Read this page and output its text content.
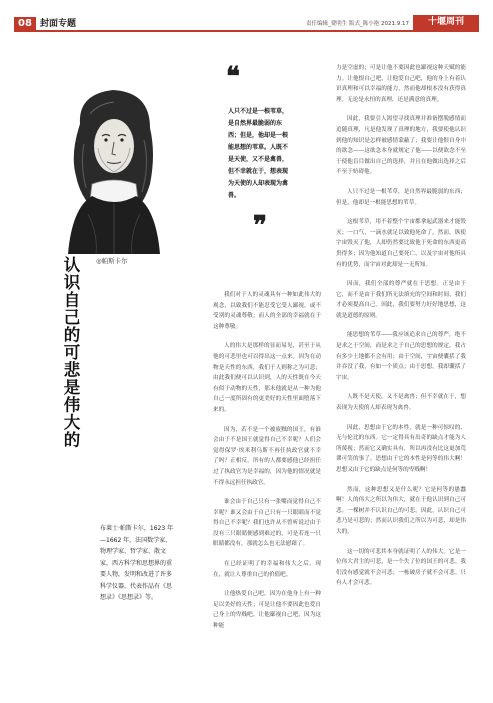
08 封面专题	责任编辑_费明生 版式_陈小艳 2021.9.17	十堰周刊
◎帕斯卡尔
认识自己的可悲是伟大的
布莱士·帕斯卡尔，1623 年—1662 年，法国数学家、物理学家、哲学家、散文家，西方科学和思想界的重要人物，发明和改进了许多科学仪器，代表作品有《思想录》《思想录》等。
❝
人只不过是一根苇草，是自然界最脆弱的东西；但是，他却是一根能思想的苇草。人既不是天使，又不是禽兽，但不幸就在于，想表现为天使的人却表现为禽兽。
❞

我们对于人的灵魂具有一种如此伟大的观念，以致我们不能忍受它受人鄙视，或不受别的灵魂尊敬；而人的全部的幸福就在于这种尊敬。

人的伟大是那样的显而易见，甚至于从他的可悲里也可以得出这一点来。因为在动物是天性的东西，我们于人则称之为可悲；由此我们便可以认识到，人的天性既在今天有似于动物的天性，那末他就是从一种为他自己一度所固有的更美好的天性里面堕落下来的。

因为，若不是一个被废黜的国王，有谁会由于不是国王就觉得自己不幸呢？人们会觉得保罗·埃米利乌斯不再任执政官就不幸了吗？正相反，所有的人都要感他已经担任过了执政官为是幸福的，因为他的情况就是不得永远担任执政官。

谁会由于自己只有一张嘴而觉得自己不幸呢？谁又会由于自己只有一只眼睛而不觉得自己不幸呢？我们也许从不曾听说过由于没有三只眼睛便感到难过的，可是若连一只眼睛都没有，那就怎么也无法慰藉了。

在已经证明了的幸福和伟大之后，现在，就让人尊重自己的价值吧。

让他热爱自己吧，因为在他身上有一种足以美好的天性；可是让他不要因此也爱自己身上的卑贱吧。让他鄙视自己吧，因为这种能

力是空虚的；可是让他不要因此也鄙视这种天赋的能力。让他恨自己吧，让他爱自己吧，他的身上有着认识真理和可以幸福的能力，然而他却根本没有获得真理。无论是永恒的真理，还是满意的真理。

因此，我要引人渴望寻找真理并准备摆脱感情而追随真理，凡是他发现了真理的地方，我要使他认识到他的知识是怎样被感情蒙蔽了；我要让他恨自身中的欲念——这欲念本身就规定了他——以便欲念不至于使他盲目做出自己的选择，并且在他做出选择之后不至于妨碍他。

人只不过是一根苇草，是自然界最脆弱的东西；但是，他却是一根能思想的苇草。

这根苇草，用不着整个宇宙都拿起武器来才能毁灭；一口气、一滴水就足以致他死命了。然而，纵使宇宙毁灭了他，人却仍然要比致他于死命的东西更高贵得多；因为他知道自己要死亡，以及宇宙对他所具有的优势，而宇宙对此却是一无所知。

因而，我们全部的尊严就在于思想。正是由于它，而不是由于我们所无法填充的空间和时间，我们才必须提高自己。因此，我们要努力好好地思想，这就是道德的原则。

能思想的苇草——我应该追求自己的尊严，绝不是求之于空间，而是求之于自己的思想的规定。我占有多少土地都不会有用；由于空间，宇宙便囊括了我并吞没了我，有如一个质点；由于思想，我却囊括了宇宙。

人既不是天使，又不是禽兽；但不幸就在于，想表现为天使的人却表现为禽兽。

因此，思想由于它的本性，就是一种可惊叹的、无与伦比的东西。它一定得具有出奇的缺点才能为人所蔑视；然而它又确实具有，所以再没有比这更加荒谬可笑的事了。思想由于它的本性是何等的伟大啊！思想又由于它的缺点是何等的卑贱啊！

然而，这种思想又是什么呢？它是何等的愚蠢啊！人的伟大之所以为伟大，就在于他认识到自己可悲。一棵树并不认识自己的可悲，因此，认识自己可悲乃是可悲的；然而认识我们之所以为可悲，却是伟大的。

这一切的可悲其本身就证明了人的伟大。它是一位伟大君主的可悲，是一个失了位的国王的可悲。我们没有感觉就不会可悲；一栋破房子就不会可悲。只有人才会可悲。
